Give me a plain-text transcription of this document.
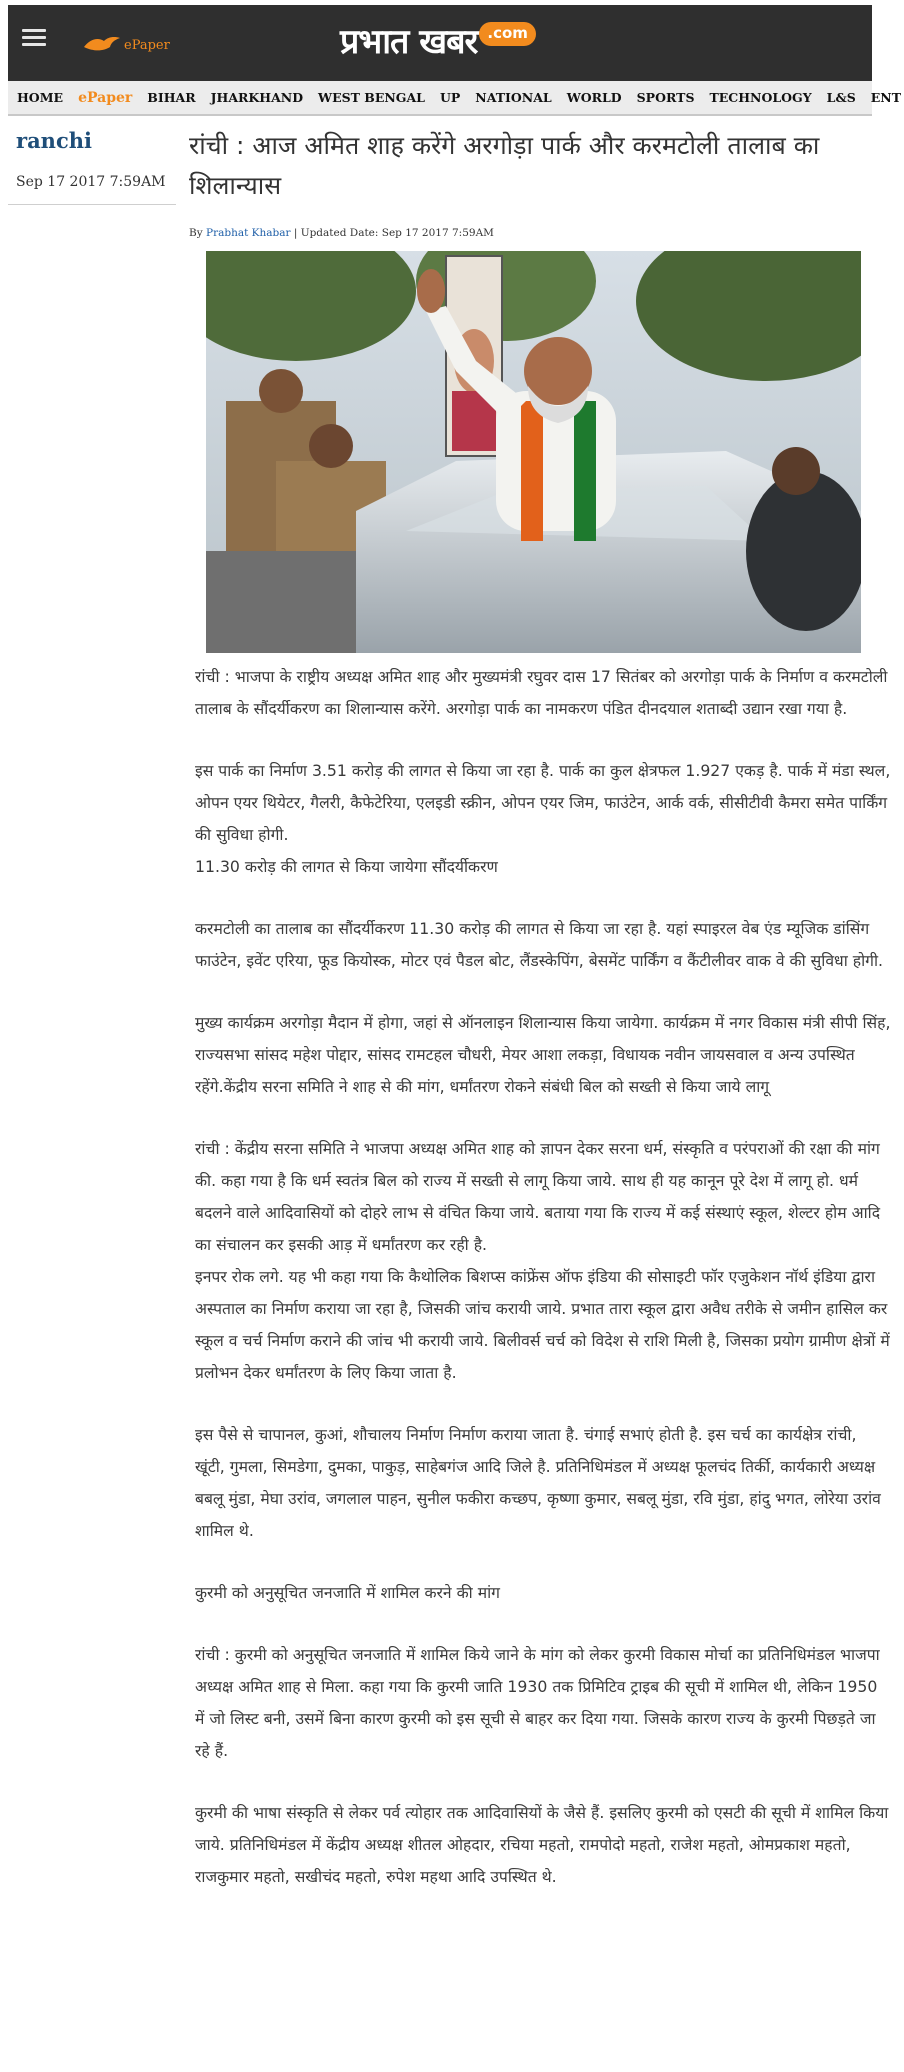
ePaper	प्रभात खबर .com
HOME ePaper BIHAR JHARKHAND WEST BENGAL UP NATIONAL WORLD SPORTS TECHNOLOGY L&S ENT
ranchi
Sep 17 2017 7:59AM
रांची : आज अमित शाह करेंगे अरगोड़ा पार्क और करमटोली तालाब का शिलान्यास
By Prabhat Khabar | Updated Date: Sep 17 2017 7:59AM

रांची : भाजपा के राष्ट्रीय अध्यक्ष अमित शाह और मुख्यमंत्री रघुवर दास 17 सितंबर को अरगोड़ा पार्क के निर्माण व करमटोली तालाब के सौंदर्यीकरण का शिलान्यास करेंगे. अरगोड़ा पार्क का नामकरण पंडित दीनदयाल शताब्दी उद्यान रखा गया है.

इस पार्क का निर्माण 3.51 करोड़ की लागत से किया जा रहा है. पार्क का कुल क्षेत्रफल 1.927 एकड़ है. पार्क में मंडा स्थल, ओपन एयर थियेटर, गैलरी, कैफेटेरिया, एलइडी स्क्रीन, ओपन एयर जिम, फाउंटेन, आर्क वर्क, सीसीटीवी कैमरा समेत पार्किंग की सुविधा होगी.
11.30 करोड़ की लागत से किया जायेगा सौंदर्यीकरण

करमटोली का तालाब का सौंदर्यीकरण 11.30 करोड़ की लागत से किया जा रहा है. यहां स्पाइरल वेब एंड म्यूजिक डांसिंग फाउंटेन, इवेंट एरिया, फूड कियोस्क, मोटर एवं पैडल बोट, लैंडस्केपिंग, बेसमेंट पार्किंग व कैंटीलीवर वाक वे की सुविधा होगी.

मुख्य कार्यक्रम अरगोड़ा मैदान में होगा, जहां से ऑनलाइन शिलान्यास किया जायेगा. कार्यक्रम में नगर विकास मंत्री सीपी सिंह, राज्यसभा सांसद महेश पोद्दार, सांसद रामटहल चौधरी, मेयर आशा लकड़ा, विधायक नवीन जायसवाल व अन्य उपस्थित रहेंगे.केंद्रीय सरना समिति ने शाह से की मांग, धर्मांतरण रोकने संबंधी बिल को सख्ती से किया जाये लागू

रांची : केंद्रीय सरना समिति ने भाजपा अध्यक्ष अमित शाह को ज्ञापन देकर सरना धर्म, संस्कृति व परंपराओं की रक्षा की मांग की. कहा गया है कि धर्म स्वतंत्र बिल को राज्य में सख्ती से लागू किया जाये. साथ ही यह कानून पूरे देश में लागू हो. धर्म बदलने वाले आदिवासियों को दोहरे लाभ से वंचित किया जाये. बताया गया कि राज्य में कई संस्थाएं स्कूल, शेल्टर होम आदि का संचालन कर इसकी आड़ में धर्मांतरण कर रही है.
इनपर रोक लगे. यह भी कहा गया कि कैथोलिक बिशप्स कांफ्रेंस ऑफ इंडिया की सोसाइटी फॉर एजुकेशन नॉर्थ इंडिया द्वारा अस्पताल का निर्माण कराया जा रहा है, जिसकी जांच करायी जाये. प्रभात तारा स्कूल द्वारा अवैध तरीके से जमीन हासिल कर स्कूल व चर्च निर्माण कराने की जांच भी करायी जाये. बिलीवर्स चर्च को विदेश से राशि मिली है, जिसका प्रयोग ग्रामीण क्षेत्रों में प्रलोभन देकर धर्मांतरण के लिए किया जाता है.

इस पैसे से चापानल, कुआं, शौचालय निर्माण निर्माण कराया जाता है. चंगाई सभाएं होती है. इस चर्च का कार्यक्षेत्र रांची, खूंटी, गुमला, सिमडेगा, दुमका, पाकुड़, साहेबगंज आदि जिले है. प्रतिनिधिमंडल में अध्यक्ष फूलचंद तिर्की, कार्यकारी अध्यक्ष बबलू मुंडा, मेघा उरांव, जगलाल पाहन, सुनील फकीरा कच्छप, कृष्णा कुमार, सबलू मुंडा, रवि मुंडा, हांदु भगत, लोरेया उरांव शामिल थे.

कुरमी को अनुसूचित जनजाति में शामिल करने की मांग

रांची : कुरमी को अनुसूचित जनजाति में शामिल किये जाने के मांग को लेकर कुरमी विकास मोर्चा का प्रतिनिधिमंडल भाजपा अध्यक्ष अमित शाह से मिला. कहा गया कि कुरमी जाति 1930 तक प्रिमिटिव ट्राइब की सूची में शामिल थी, लेकिन 1950 में जो लिस्ट बनी, उसमें बिना कारण कुरमी को इस सूची से बाहर कर दिया गया. जिसके कारण राज्य के कुरमी पिछड़ते जा रहे हैं.

कुरमी की भाषा संस्कृति से लेकर पर्व त्योहार तक आदिवासियों के जैसे हैं. इसलिए कुरमी को एसटी की सूची में शामिल किया जाये. प्रतिनिधिमंडल में केंद्रीय अध्यक्ष शीतल ओहदार, रचिया महतो, रामपोदो महतो, राजेश महतो, ओमप्रकाश महतो, राजकुमार महतो, सखीचंद महतो, रुपेश महथा आदि उपस्थित थे.
